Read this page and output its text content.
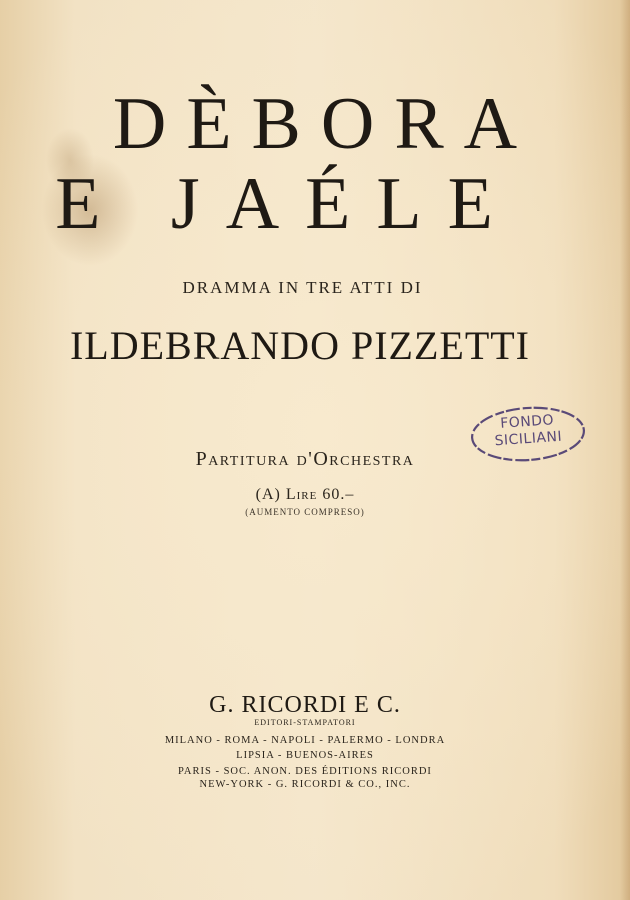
DÈBORA
E JAÉLE
DRAMMA IN TRE ATTI DI
ILDEBRANDO PIZZETTI
FONDO
SICILIANI
Partitura d'Orchestra
(A) Lire 60.–
(AUMENTO COMPRESO)
G. RICORDI E C.
EDITORI-STAMPATORI
MILANO - ROMA - NAPOLI - PALERMO - LONDRA
LIPSIA - BUENOS-AIRES
PARIS - SOC. ANON. DES ÉDITIONS RICORDI
NEW-YORK - G. RICORDI & CO., INC.
